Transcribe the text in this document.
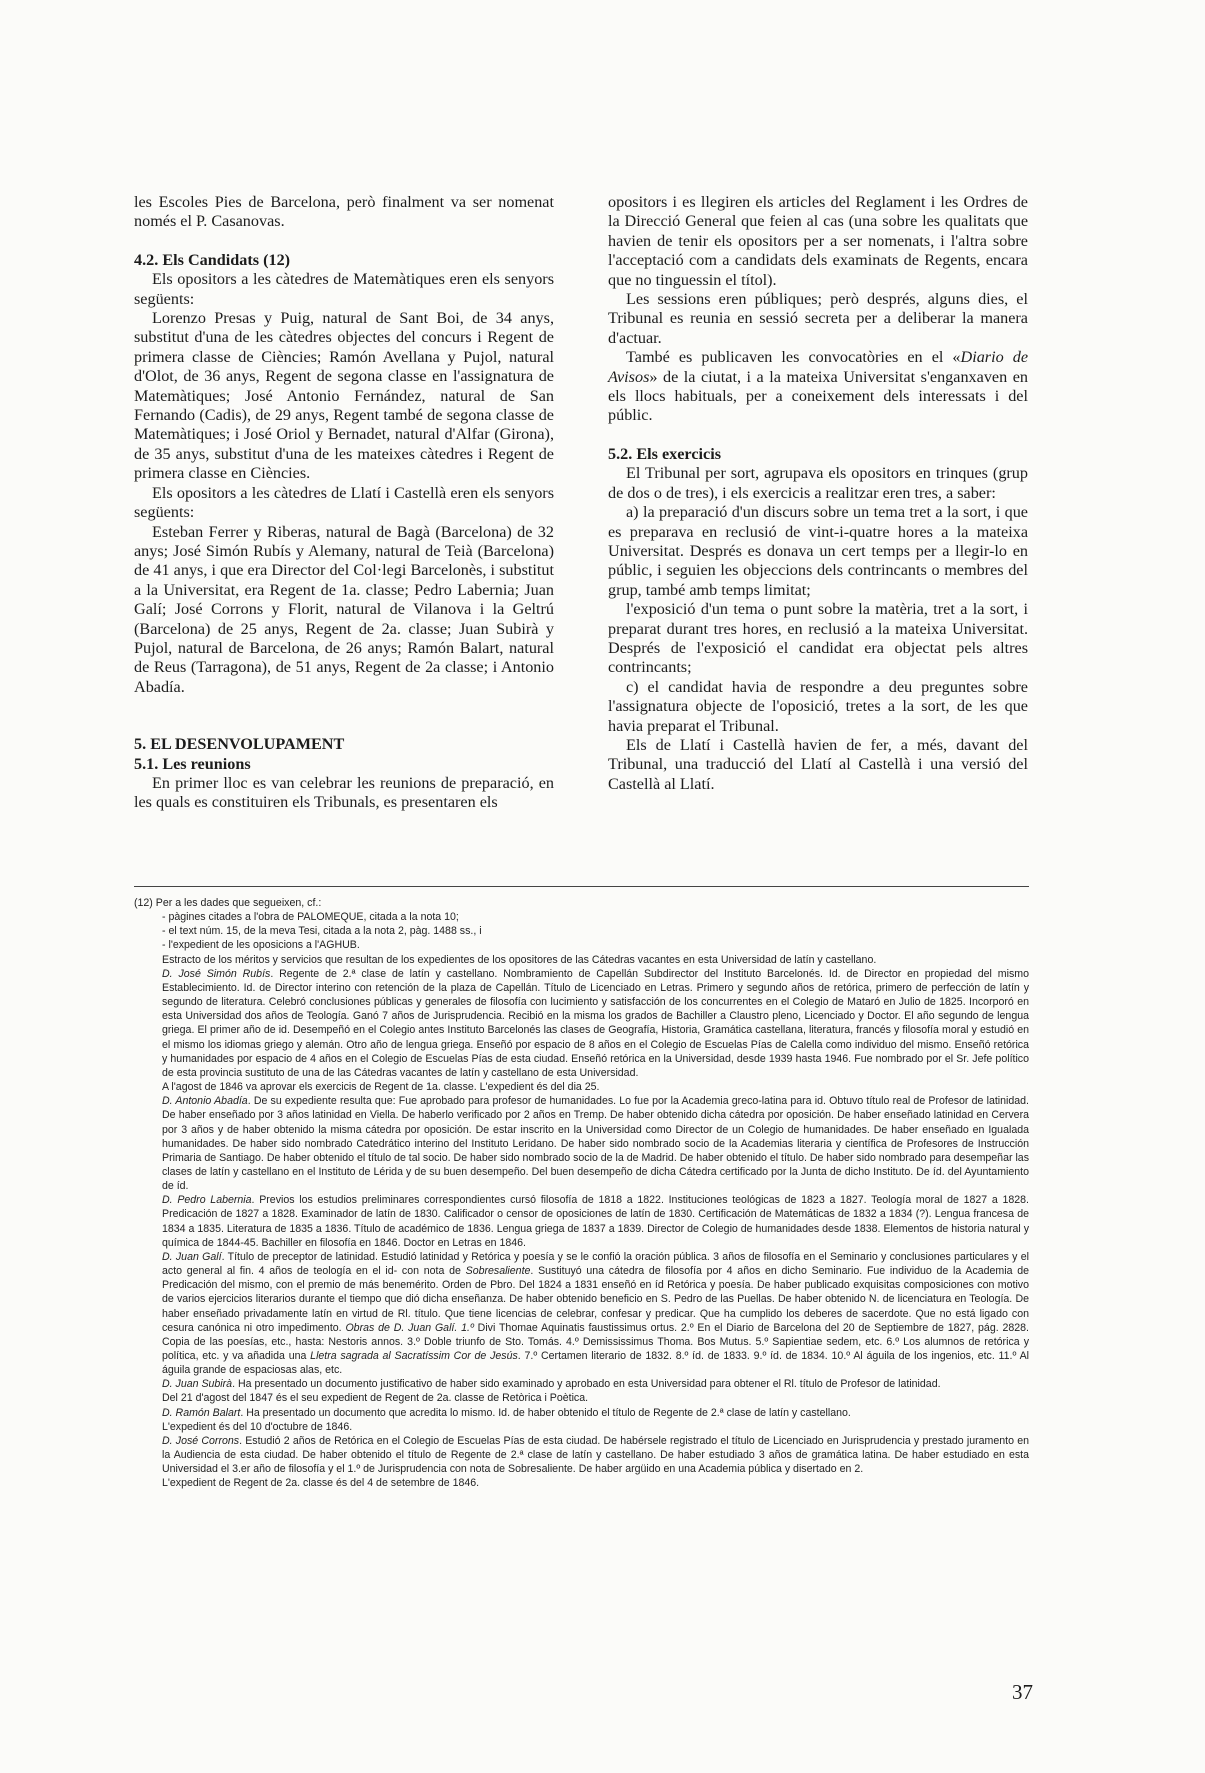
les Escoles Pies de Barcelona, però finalment va ser nomenat només el P. Casanovas.

4.2. Els Candidats (12)

Els opositors a les càtedres de Matemàtiques eren els senyors següents:

Lorenzo Presas y Puig, natural de Sant Boi, de 34 anys, substitut d'una de les càtedres objectes del concurs i Regent de primera classe de Ciències; Ramón Avellana y Pujol, natural d'Olot, de 36 anys, Regent de segona classe en l'assignatura de Matemàtiques; José Antonio Fernández, natural de San Fernando (Cadis), de 29 anys, Regent també de segona classe de Matemàtiques; i José Oriol y Bernadet, natural d'Alfar (Girona), de 35 anys, substitut d'una de les mateixes càtedres i Regent de primera classe en Ciències.

Els opositors a les càtedres de Llatí i Castellà eren els senyors següents:

Esteban Ferrer y Riberas, natural de Bagà (Barcelona) de 32 anys; José Simón Rubís y Alemany, natural de Teià (Barcelona) de 41 anys, i que era Director del Col·legi Barcelonès, i substitut a la Universitat, era Regent de 1a. classe; Pedro Labernia; Juan Galí; José Corrons y Florit, natural de Vilanova i la Geltrú (Barcelona) de 25 anys, Regent de 2a. classe; Juan Subirà y Pujol, natural de Barcelona, de 26 anys; Ramón Balart, natural de Reus (Tarragona), de 51 anys, Regent de 2a classe; i Antonio Abadía.

5. EL DESENVOLUPAMENT
5.1. Les reunions

En primer lloc es van celebrar les reunions de preparació, en les quals es constituiren els Tribunals, es presentaren els

opositors i es llegiren els articles del Reglament i les Ordres de la Direcció General que feien al cas (una sobre les qualitats que havien de tenir els opositors per a ser nomenats, i l'altra sobre l'acceptació com a candidats dels examinats de Regents, encara que no tinguessin el títol).

Les sessions eren públiques; però després, alguns dies, el Tribunal es reunia en sessió secreta per a deliberar la manera d'actuar.

També es publicaven les convocatòries en el «Diario de Avisos» de la ciutat, i a la mateixa Universitat s'enganxaven en els llocs habituals, per a coneixement dels interessats i del públic.

5.2. Els exercicis

El Tribunal per sort, agrupava els opositors en trinques (grup de dos o de tres), i els exercicis a realitzar eren tres, a saber:

a) la preparació d'un discurs sobre un tema tret a la sort, i que es preparava en reclusió de vint-i-quatre hores a la mateixa Universitat. Després es donava un cert temps per a llegir-lo en públic, i seguien les objeccions dels contrincants o membres del grup, també amb temps limitat;

l'exposició d'un tema o punt sobre la matèria, tret a la sort, i preparat durant tres hores, en reclusió a la mateixa Universitat. Després de l'exposició el candidat era objectat pels altres contrincants;

c) el candidat havia de respondre a deu preguntes sobre l'assignatura objecte de l'oposició, tretes a la sort, de les que havia preparat el Tribunal.

Els de Llatí i Castellà havien de fer, a més, davant del Tribunal, una traducció del Llatí al Castellà i una versió del Castellà al Llatí.

(12) Per a les dades que segueixen, cf.:

- pàgines citades a l'obra de PALOMEQUE, citada a la nota 10;

- el text núm. 15, de la meva Tesi, citada a la nota 2, pàg. 1488 ss., i

- l'expedient de les oposicions a l'AGHUB.

Estracto de los méritos y servicios que resultan de los expedientes de los opositores de las Cátedras vacantes en esta Universidad de latín y castellano.

D. José Simón Rubís. Regente de 2.ª clase de latín y castellano. Nombramiento de Capellán Subdirector del Instituto Barcelonés. Id. de Director en propiedad del mismo Establecimiento. Id. de Director interino con retención de la plaza de Capellán. Título de Licenciado en Letras. Primero y segundo años de retórica, primero de perfección de latín y segundo de literatura. Celebró conclusiones públicas y generales de filosofía con lucimiento y satisfacción de los concurrentes en el Colegio de Mataró en Julio de 1825. Incorporó en esta Universidad dos años de Teología. Ganó 7 años de Jurisprudencia. Recibió en la misma los grados de Bachiller a Claustro pleno, Licenciado y Doctor. El año segundo de lengua griega. El primer año de id. Desempeñó en el Colegio antes Instituto Barcelonés las clases de Geografía, Historia, Gramática castellana, literatura, francés y filosofía moral y estudió en el mismo los idiomas griego y alemán. Otro año de lengua griega. Enseñó por espacio de 8 años en el Colegio de Escuelas Pías de Calella como individuo del mismo. Enseñó retórica y humanidades por espacio de 4 años en el Colegio de Escuelas Pías de esta ciudad. Enseñó retórica en la Universidad, desde 1939 hasta 1946. Fue nombrado por el Sr. Jefe político de esta provincia sustituto de una de las Cátedras vacantes de latín y castellano de esta Universidad.

A l'agost de 1846 va aprovar els exercicis de Regent de 1a. classe. L'expedient és del dia 25.

D. Antonio Abadía. De su expediente resulta que: Fue aprobado para profesor de humanidades. Lo fue por la Academia greco-latina para id. Obtuvo título real de Profesor de latinidad. De haber enseñado por 3 años latinidad en Viella. De haberlo verificado por 2 años en Tremp. De haber obtenido dicha cátedra por oposición. De haber enseñado latinidad en Cervera por 3 años y de haber obtenido la misma cátedra por oposición. De estar inscrito en la Universidad como Director de un Colegio de humanidades. De haber enseñado en Igualada humanidades. De haber sido nombrado Catedrático interino del Instituto Leridano. De haber sido nombrado socio de la Academias literaria y científica de Profesores de Instrucción Primaria de Santiago. De haber obtenido el título de tal socio. De haber sido nombrado socio de la de Madrid. De haber obtenido el título. De haber sido nombrado para desempeñar las clases de latín y castellano en el Instituto de Lérida y de su buen desempeño. Del buen desempeño de dicha Cátedra certificado por la Junta de dicho Instituto. De íd. del Ayuntamiento de íd.

D. Pedro Labernia. Previos los estudios preliminares correspondientes cursó filosofía de 1818 a 1822. Instituciones teológicas de 1823 a 1827. Teología moral de 1827 a 1828. Predicación de 1827 a 1828. Examinador de latín de 1830. Calificador o censor de oposiciones de latín de 1830. Certificación de Matemáticas de 1832 a 1834 (?). Lengua francesa de 1834 a 1835. Literatura de 1835 a 1836. Título de académico de 1836. Lengua griega de 1837 a 1839. Director de Colegio de humanidades desde 1838. Elementos de historia natural y química de 1844-45. Bachiller en filosofía en 1846. Doctor en Letras en 1846.

D. Juan Galí. Título de preceptor de latinidad. Estudió latinidad y Retórica y poesía y se le confió la oración pública. 3 años de filosofía en el Seminario y conclusiones particulares y el acto general al fin. 4 años de teología en el id- con nota de Sobresaliente. Sustituyó una cátedra de filosofía por 4 años en dicho Seminario. Fue individuo de la Academia de Predicación del mismo, con el premio de más benemérito. Orden de Pbro. Del 1824 a 1831 enseñó en íd Retórica y poesía. De haber publicado exquisitas composiciones con motivo de varios ejercicios literarios durante el tiempo que dió dicha enseñanza. De haber obtenido beneficio en S. Pedro de las Puellas. De haber obtenido N. de licenciatura en Teología. De haber enseñado privadamente latín en virtud de Rl. título. Que tiene licencias de celebrar, confesar y predicar. Que ha cumplido los deberes de sacerdote. Que no está ligado con cesura canónica ni otro impedimento. Obras de D. Juan Galí. 1.º Divi Thomae Aquinatis faustissimus ortus. 2.º En el Diario de Barcelona del 20 de Septiembre de 1827, pág. 2828. Copia de las poesías, etc., hasta: Nestoris annos. 3.º Doble triunfo de Sto. Tomás. 4.º Demississimus Thoma. Bos Mutus. 5.º Sapientiae sedem, etc. 6.º Los alumnos de retórica y política, etc. y va añadida una Lletra sagrada al Sacratíssim Cor de Jesús. 7.º Certamen literario de 1832. 8.º íd. de 1833. 9.º íd. de 1834. 10.º Al águila de los ingenios, etc. 11.º Al águila grande de espaciosas alas, etc.

D. Juan Subirà. Ha presentado un documento justificativo de haber sido examinado y aprobado en esta Universidad para obtener el Rl. título de Profesor de latinidad.

Del 21 d'agost del 1847 és el seu expedient de Regent de 2a. classe de Retòrica i Poètica.

D. Ramón Balart. Ha presentado un documento que acredita lo mismo. Id. de haber obtenido el título de Regente de 2.ª clase de latín y castellano.

L'expedient és del 10 d'octubre de 1846.

D. José Corrons. Estudió 2 años de Retórica en el Colegio de Escuelas Pías de esta ciudad. De habérsele registrado el título de Licenciado en Jurisprudencia y prestado juramento en la Audiencia de esta ciudad. De haber obtenido el título de Regente de 2.ª clase de latín y castellano. De haber estudiado 3 años de gramática latina. De haber estudiado en esta Universidad el 3.er año de filosofía y el 1.º de Jurisprudencia con nota de Sobresaliente. De haber argüido en una Academia pública y disertado en 2.

L'expedient de Regent de 2a. classe és del 4 de setembre de 1846.

37
